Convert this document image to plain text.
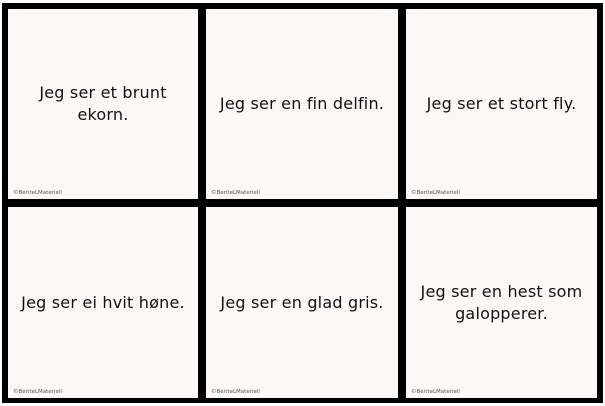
Jeg ser et brunt ekorn.
©BeriteLMateriell
Jeg ser en fin delfin.
©BeriteLMateriell
Jeg ser et stort fly.
©BeriteLMateriell
Jeg ser ei hvit høne.
©BeriteLMateriell
Jeg ser en glad gris.
©BeriteLMateriell
Jeg ser en hest som galopperer.
©BeriteLMateriell
